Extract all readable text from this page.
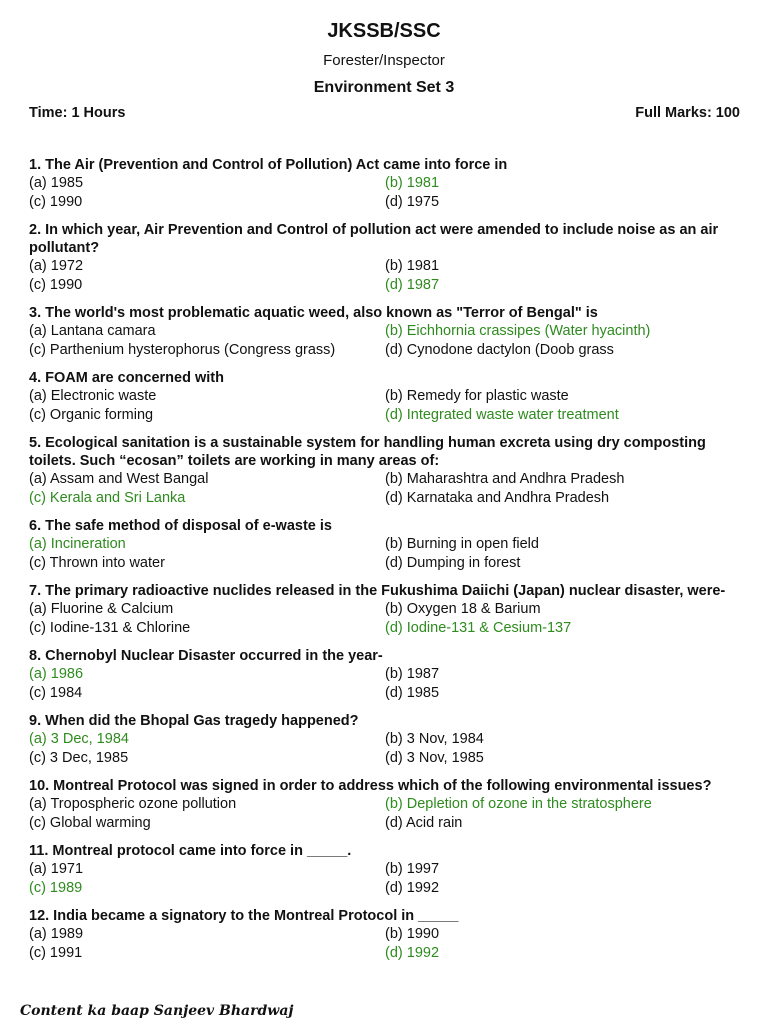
JKSSB/SSC
Forester/Inspector
Environment Set 3
Time: 1 Hours	Full Marks: 100
1. The Air (Prevention and Control of Pollution) Act came into force in
(a) 1985	(b) 1981
(c) 1990	(d) 1975
2. In which year, Air Prevention and Control of pollution act were amended to include noise as an air pollutant?
(a) 1972	(b) 1981
(c) 1990	(d) 1987
3. The world's most problematic aquatic weed, also known as "Terror of Bengal" is
(a) Lantana camara	(b) Eichhornia crassipes (Water hyacinth)
(c) Parthenium hysterophorus (Congress grass)	(d) Cynodone dactylon (Doob grass
4. FOAM are concerned with
(a) Electronic waste	(b) Remedy for plastic waste
(c) Organic forming	(d) Integrated waste water treatment
5. Ecological sanitation is a sustainable system for handling human excreta using dry composting toilets. Such “ecosan” toilets are working in many areas of:
(a) Assam and West Bangal	(b) Maharashtra and Andhra Pradesh
(c) Kerala and Sri Lanka	(d) Karnataka and Andhra Pradesh
6. The safe method of disposal of e-waste is
(a) Incineration	(b) Burning in open field
(c) Thrown into water	(d) Dumping in forest
7. The primary radioactive nuclides released in the Fukushima Daiichi (Japan) nuclear disaster, were-
(a) Fluorine & Calcium	(b) Oxygen 18 & Barium
(c) Iodine-131 & Chlorine	(d) Iodine-131 & Cesium-137
8. Chernobyl Nuclear Disaster occurred in the year-
(a) 1986	(b) 1987
(c) 1984	(d) 1985
9. When did the Bhopal Gas tragedy happened?
(a) 3 Dec, 1984	(b) 3 Nov, 1984
(c) 3 Dec, 1985	(d) 3 Nov, 1985
10. Montreal Protocol was signed in order to address which of the following environmental issues?
(a) Tropospheric ozone pollution	(b) Depletion of ozone in the stratosphere
(c) Global warming	(d) Acid rain
11. Montreal protocol came into force in _____.
(a) 1971	(b) 1997
(c) 1989	(d) 1992
12. India became a signatory to the Montreal Protocol in _____
(a) 1989	(b) 1990
(c) 1991	(d) 1992
Content ka baap Sanjeev Bhardwaj
